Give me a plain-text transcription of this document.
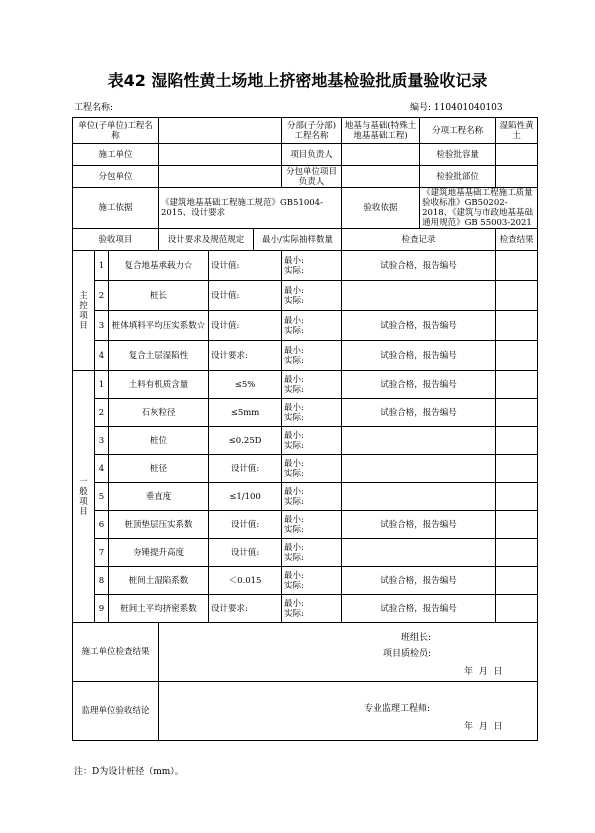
表42 湿陷性黄土场地上挤密地基检验批质量验收记录
工程名称:	编号: 110401040103
单位(子单位)工程名称						分部(子分部)工程名称	地基与基础(特殊土地基基础工程)	分项工程名称	湿陷性黄土
施工单位						项目负责人		检验批容量	
分包单位						分包单位项目负责人		检验批部位	
施工依据			《建筑地基基础工程施工规范》GB51004-2015、设计要求				验收依据	《建筑地基基础工程施工质量验收标准》GB50202-2018、《建筑与市政地基基础通用规范》GB 55003-2021	
验收项目			设计要求及规范规定		最小/实际抽样数量		检查记录		检查结果
主控项目	1	复合地基承载力☆		设计值:		最小:
实际:	试验合格，报告编号		
	2	桩长		设计值:		最小:
实际:			
	3	桩体填料平均压实系数☆		设计值:		最小:
实际:	试验合格，报告编号		
	4	复合土层湿陷性		设计要求:		最小:
实际:	试验合格，报告编号		
一般项目	1	土料有机质含量		≤5%		最小:
实际:	试验合格，报告编号		
	2	石灰粒径		≤5mm		最小:
实际:	试验合格，报告编号		
	3	桩位		≤0.25D		最小:
实际:			
	4	桩径		设计值:		最小:
实际:			
	5	垂直度		≤1/100		最小:
实际:			
	6	桩顶垫层压实系数		设计值:		最小:
实际:	试验合格，报告编号		
	7	夯锤提升高度		设计值:		最小:
实际:			
	8	桩间土湿陷系数		＜0.015		最小:
实际:	试验合格，报告编号		
	9	桩间土平均挤密系数		设计要求:		最小:
实际:	试验合格，报告编号		
施工单位检查结果			班组长:
项目质检员:
年  月  日						

监理单位验收结论			专业监理工程师:
年  月  日						
注：D为设计桩径（mm）。
